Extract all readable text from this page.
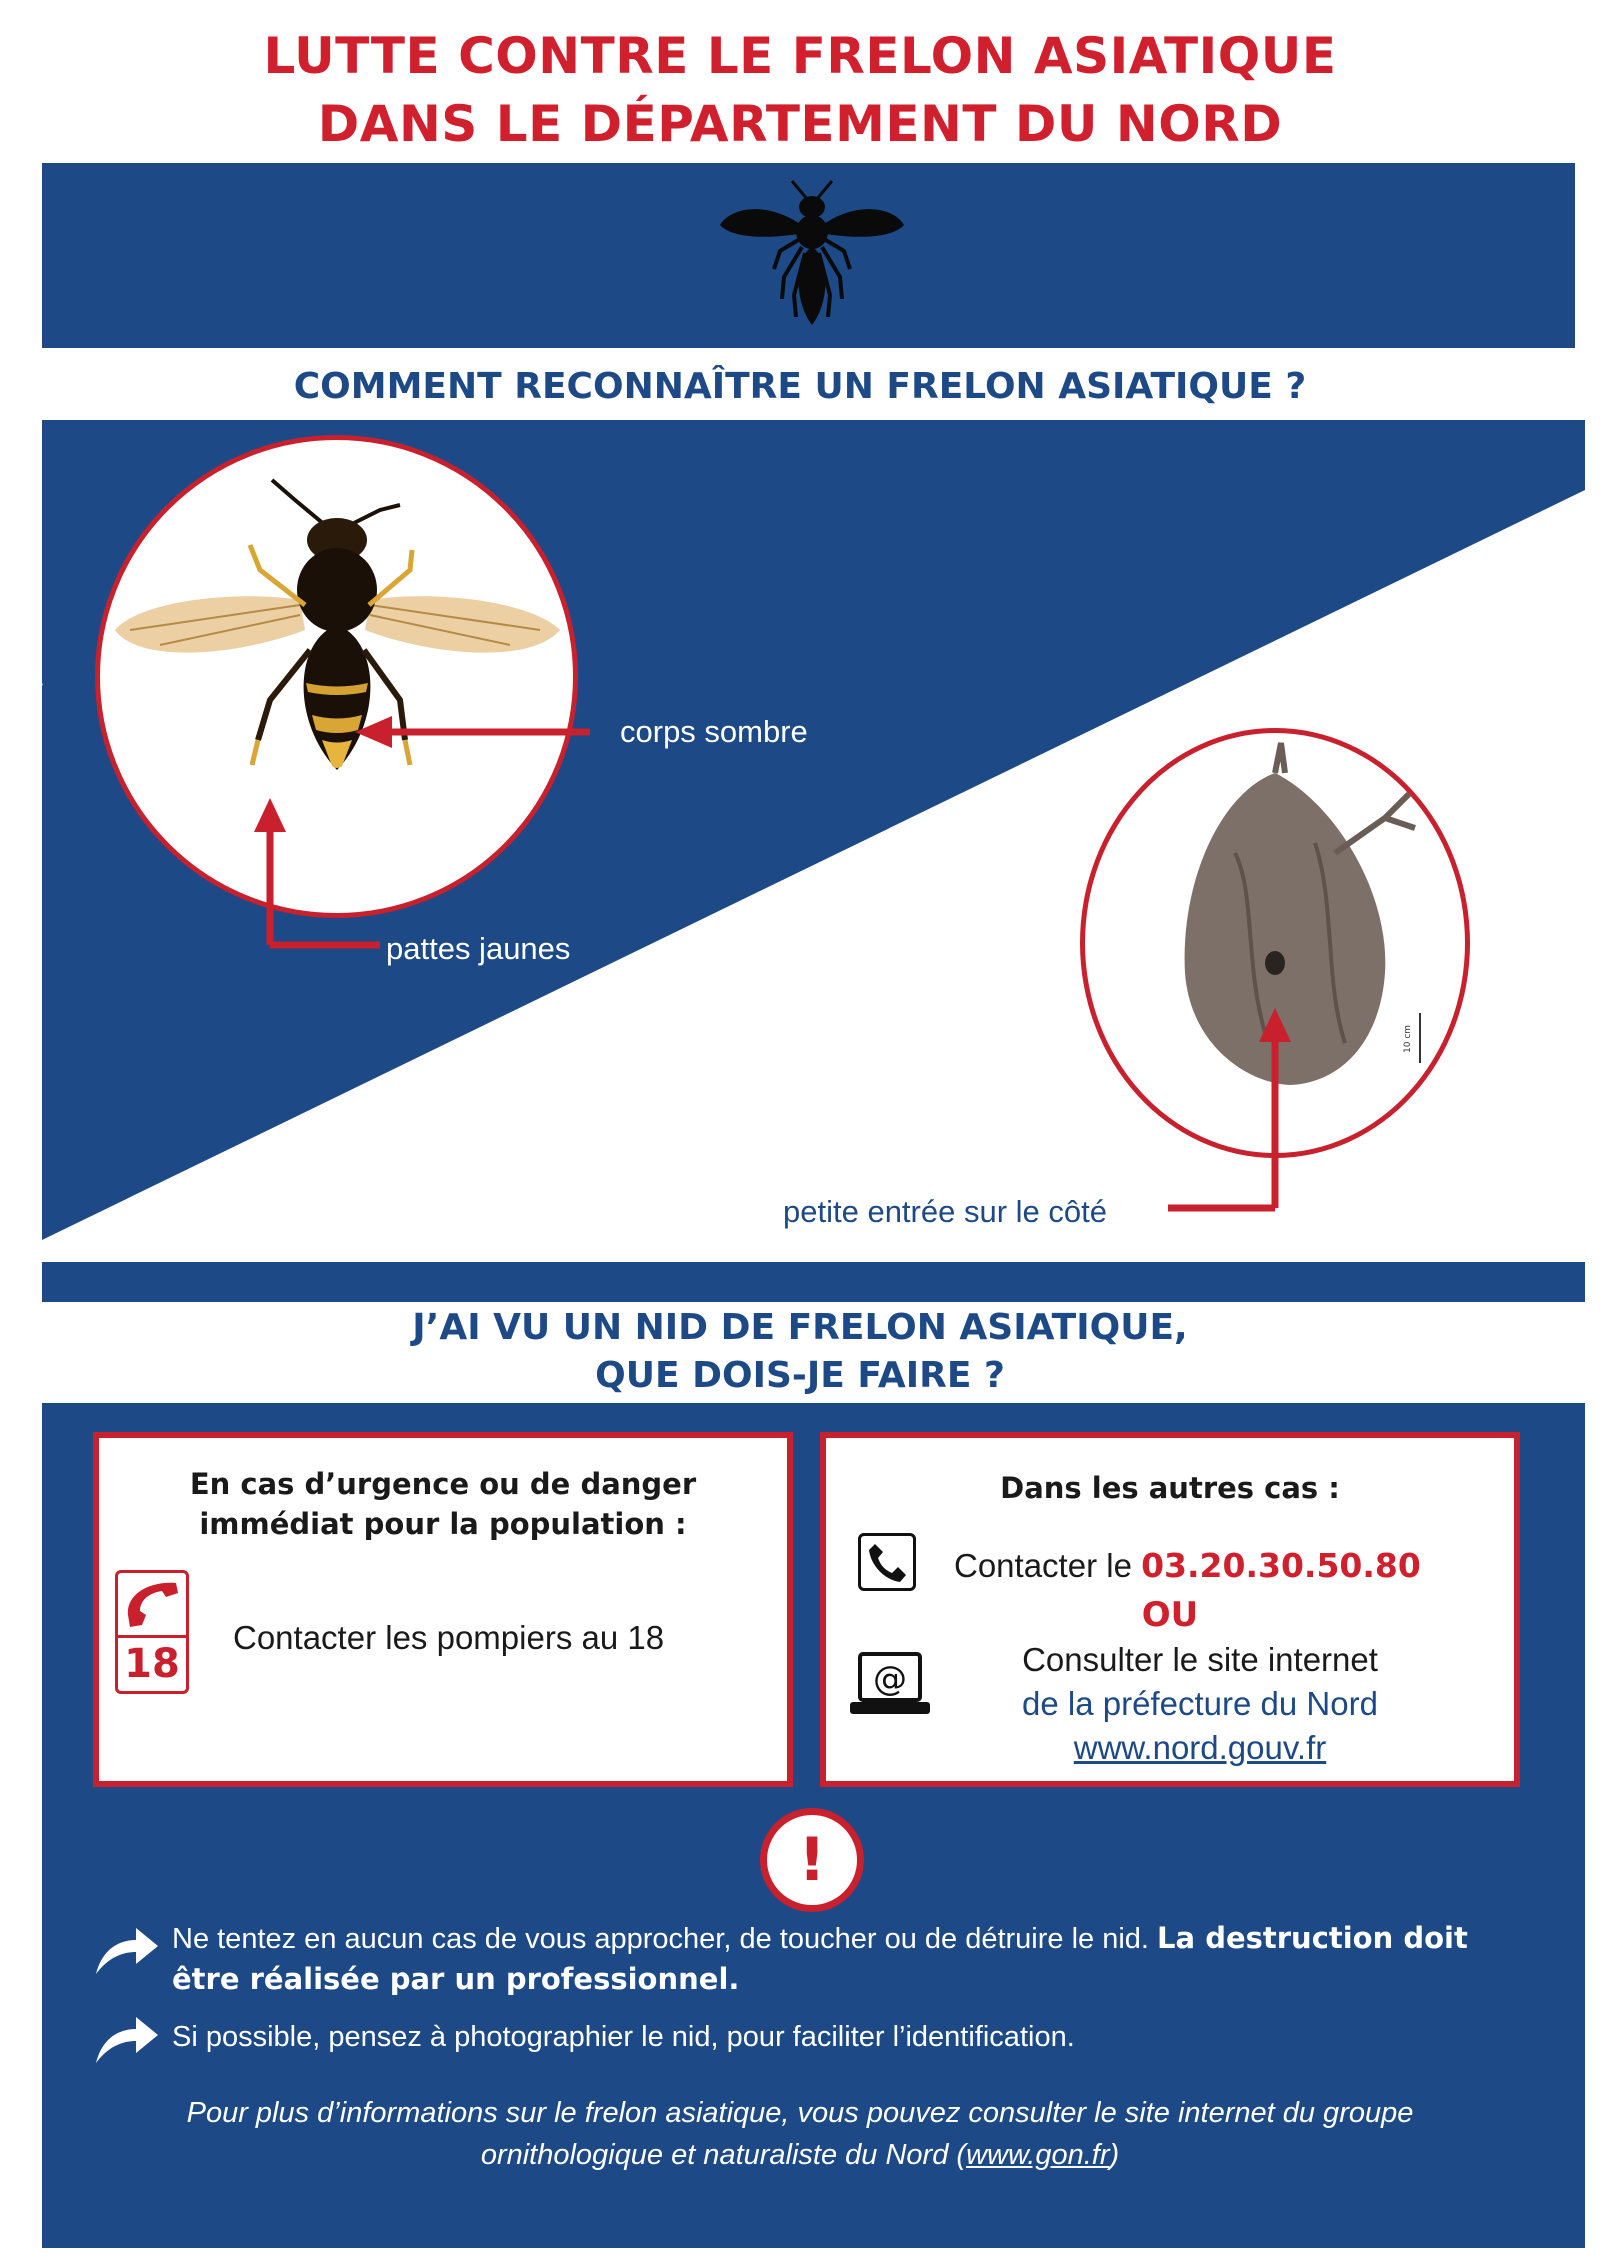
LUTTE CONTRE LE FRELON ASIATIQUE
DANS LE DÉPARTEMENT DU NORD
COMMENT RECONNAÎTRE UN FRELON ASIATIQUE ?
© Q.Rome
corps sombre
pattes jaunes
10 cm
petite entrée sur le côté
J’AI VU UN NID DE FRELON ASIATIQUE,
QUE DOIS-JE FAIRE ?
En cas d’urgence ou de danger
immédiat pour la population :
18
Contacter les pompiers au 18
Dans les autres cas :
Contacter le 03.20.30.50.80
OU
@	Consulter le site internet
de la préfecture du Nord
www.nord.gouv.fr
!
Ne tentez en aucun cas de vous approcher, de toucher ou de détruire le nid. La destruction doit être réalisée par un professionnel.
Si possible, pensez à photographier le nid, pour faciliter l’identification.
Pour plus d’informations sur le frelon asiatique, vous pouvez consulter le site internet du groupe ornithologique et naturaliste du Nord (www.gon.fr)
